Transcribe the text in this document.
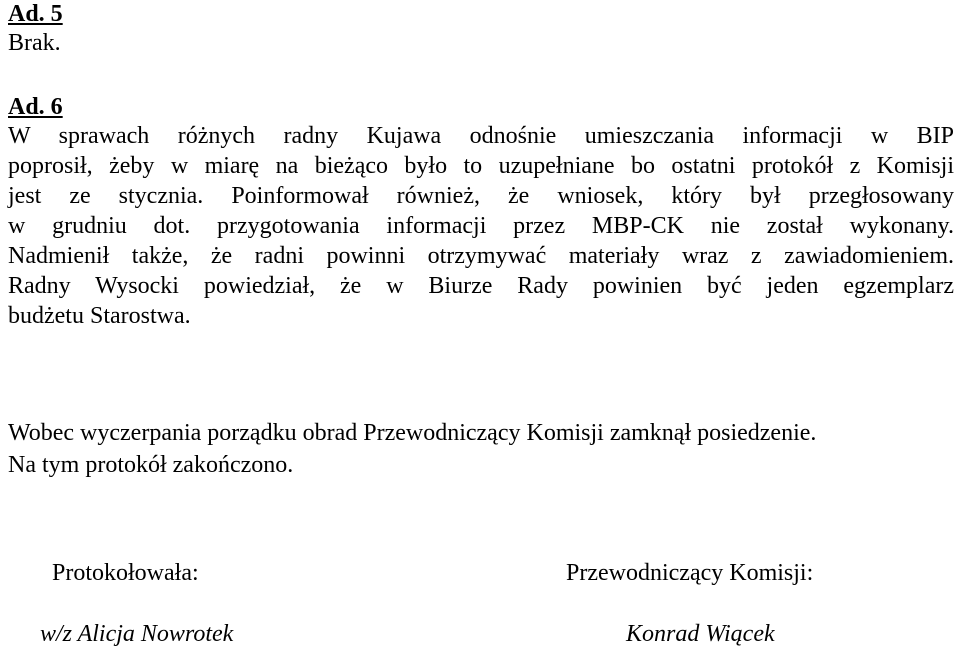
Ad. 5
Brak.
Ad. 6
W sprawach różnych radny Kujawa odnośnie umieszczania informacji w BIP
poprosił, żeby w miarę na bieżąco było to uzupełniane bo ostatni protokół z Komisji
jest ze stycznia. Poinformował również, że wniosek, który był przegłosowany
w grudniu dot. przygotowania informacji przez MBP-CK nie został wykonany.
Nadmienił także, że radni powinni otrzymywać materiały wraz z zawiadomieniem.
Radny Wysocki powiedział, że w Biurze Rady powinien być jeden egzemplarz
budżetu Starostwa.
Wobec wyczerpania porządku obrad Przewodniczący Komisji zamknął posiedzenie.
Na tym protokół zakończono.
Protokołowała:	Przewodniczący Komisji:
w/z Alicja Nowrotek	Konrad Wiącek
